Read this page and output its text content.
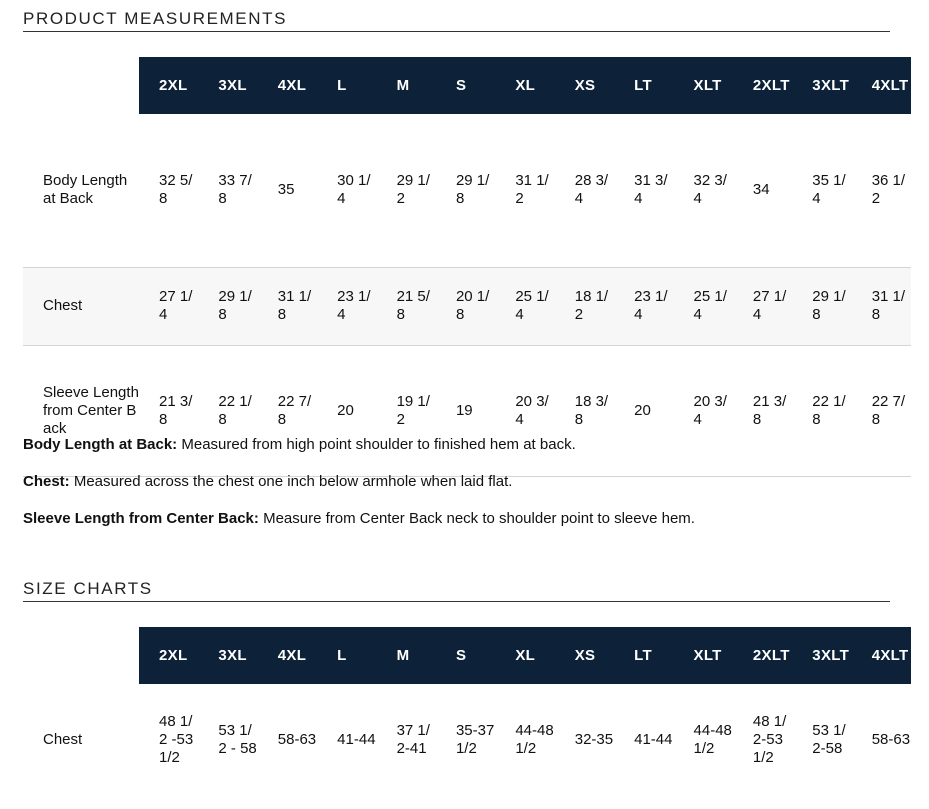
PRODUCT MEASUREMENTS
	2XL	3XL	4XL	L	M	S	XL	XS	LT	XLT	2XLT	3XLT	4XLT
Body Length at Back	32 5/8	33 7/8	35	30 1/4	29 1/2	29 1/8	31 1/2	28 3/4	31 3/4	32 3/4	34	35 1/4	36 1/2
Chest	27 1/4	29 1/8	31 1/8	23 1/4	21 5/8	20 1/8	25 1/4	18 1/2	23 1/4	25 1/4	27 1/4	29 1/8	31 1/8
Sleeve Length from Center Back	21 3/8	22 1/8	22 7/8	20	19 1/2	19	20 3/4	18 3/8	20	20 3/4	21 3/8	22 1/8	22 7/8

Body Length at Back: Measured from high point shoulder to finished hem at back.

Chest: Measured across the chest one inch below armhole when laid flat.

Sleeve Length from Center Back: Measure from Center Back neck to shoulder point to sleeve hem.

SIZE CHARTS
	2XL	3XL	4XL	L	M	S	XL	XS	LT	XLT	2XLT	3XLT	4XLT
Chest	48 1/2 -53 1/2	53 1/2 - 58	58-63	41-44	37 1/2-41	35-37 1/2	44-48 1/2	32-35	41-44	44-48 1/2	48 1/2-53 1/2	53 1/2-58	58-63
